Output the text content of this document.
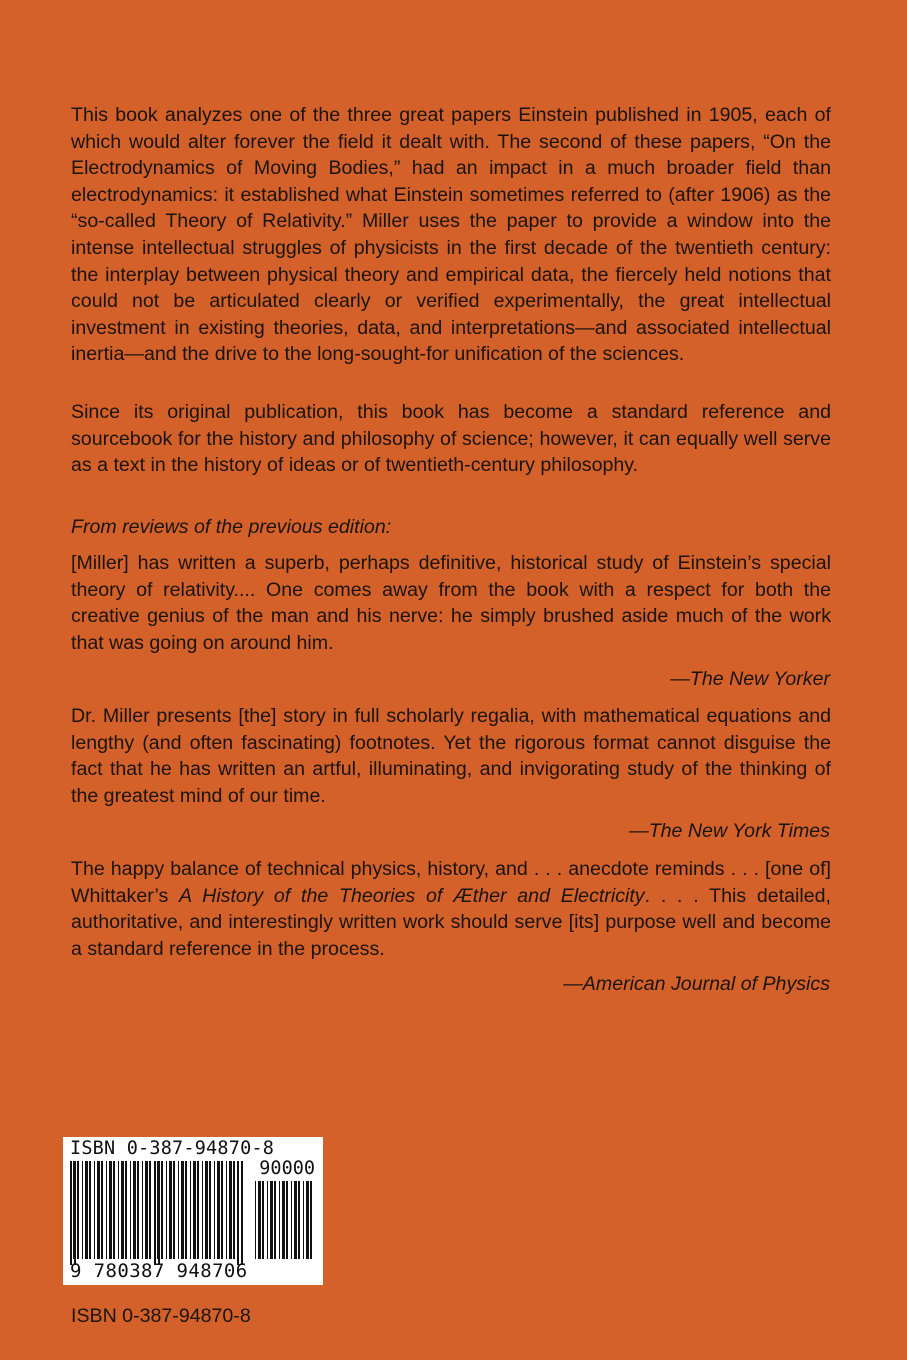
This book analyzes one of the three great papers Einstein published in 1905, each of which would alter forever the field it dealt with. The second of these papers, “On the Electrodynamics of Moving Bodies,” had an impact in a much broader field than electrodynamics: it established what Einstein sometimes referred to (after 1906) as the “so-called Theory of Relativity.” Miller uses the paper to provide a window into the intense intellectual struggles of physicists in the first decade of the twentieth century: the interplay between physical theory and empirical data, the fiercely held notions that could not be articulated clearly or verified experimentally, the great intellectual investment in existing theories, data, and interpretations—and associated intellectual inertia—and the drive to the long-sought-for unification of the sciences.

Since its original publication, this book has become a standard reference and sourcebook for the history and philosophy of science; however, it can equally well serve as a text in the history of ideas or of twentieth-century philosophy.

From reviews of the previous edition:

[Miller] has written a superb, perhaps definitive, historical study of Einstein’s special theory of relativity.... One comes away from the book with a respect for both the creative genius of the man and his nerve: he simply brushed aside much of the work that was going on around him.

—The New Yorker

Dr. Miller presents [the] story in full scholarly regalia, with mathematical equations and lengthy (and often fascinating) footnotes. Yet the rigorous format cannot disguise the fact that he has written an artful, illuminating, and invigorating study of the thinking of the greatest mind of our time.

—The New York Times

The happy balance of technical physics, history, and . . . anecdote reminds . . . [one of] Whittaker’s A History of the Theories of Æther and Electricity. . . . This detailed, authoritative, and interestingly written work should serve [its] purpose well and become a standard reference in the process.

—American Journal of Physics

ISBN 0-387-94870-8
90000
9 780387 948706
ISBN 0-387-94870-8
